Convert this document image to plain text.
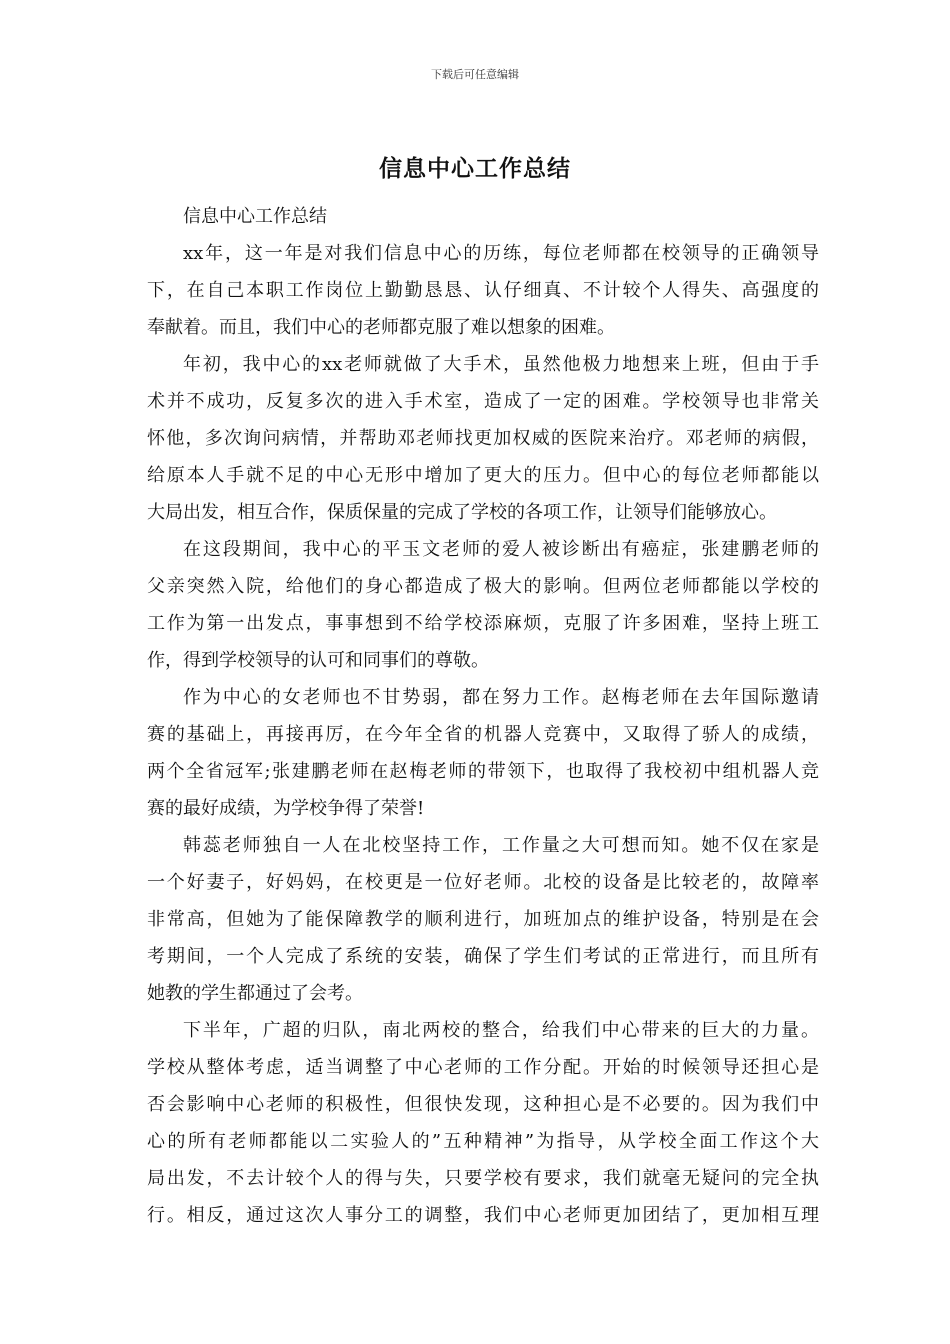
下载后可任意编辑
信息中心工作总结
信息中心工作总结
xx年，这一年是对我们信息中心的历练，每位老师都在校领导的正确领导
下，在自己本职工作岗位上勤勤恳恳、认仔细真、不计较个人得失、高强度的
奉献着。而且，我们中心的老师都克服了难以想象的困难。
年初，我中心的xx老师就做了大手术，虽然他极力地想来上班，但由于手
术并不成功，反复多次的进入手术室，造成了一定的困难。学校领导也非常关
怀他，多次询问病情，并帮助邓老师找更加权威的医院来治疗。邓老师的病假，
给原本人手就不足的中心无形中增加了更大的压力。但中心的每位老师都能以
大局出发，相互合作，保质保量的完成了学校的各项工作，让领导们能够放心。
在这段期间，我中心的平玉文老师的爱人被诊断出有癌症，张建鹏老师的
父亲突然入院，给他们的身心都造成了极大的影响。但两位老师都能以学校的
工作为第一出发点，事事想到不给学校添麻烦，克服了许多困难，坚持上班工
作，得到学校领导的认可和同事们的尊敬。
作为中心的女老师也不甘势弱，都在努力工作。赵梅老师在去年国际邀请
赛的基础上，再接再厉，在今年全省的机器人竞赛中，又取得了骄人的成绩，
两个全省冠军;张建鹏老师在赵梅老师的带领下，也取得了我校初中组机器人竞
赛的最好成绩，为学校争得了荣誉!
韩蕊老师独自一人在北校坚持工作，工作量之大可想而知。她不仅在家是
一个好妻子，好妈妈，在校更是一位好老师。北校的设备是比较老的，故障率
非常高，但她为了能保障教学的顺利进行，加班加点的维护设备，特别是在会
考期间，一个人完成了系统的安装，确保了学生们考试的正常进行，而且所有
她教的学生都通过了会考。
下半年，广超的归队，南北两校的整合，给我们中心带来的巨大的力量。
学校从整体考虑，适当调整了中心老师的工作分配。开始的时候领导还担心是
否会影响中心老师的积极性，但很快发现，这种担心是不必要的。因为我们中
心的所有老师都能以二实验人的”五种精神”为指导，从学校全面工作这个大
局出发，不去计较个人的得与失，只要学校有要求，我们就毫无疑问的完全执
行。相反，通过这次人事分工的调整，我们中心老师更加团结了，更加相互理
